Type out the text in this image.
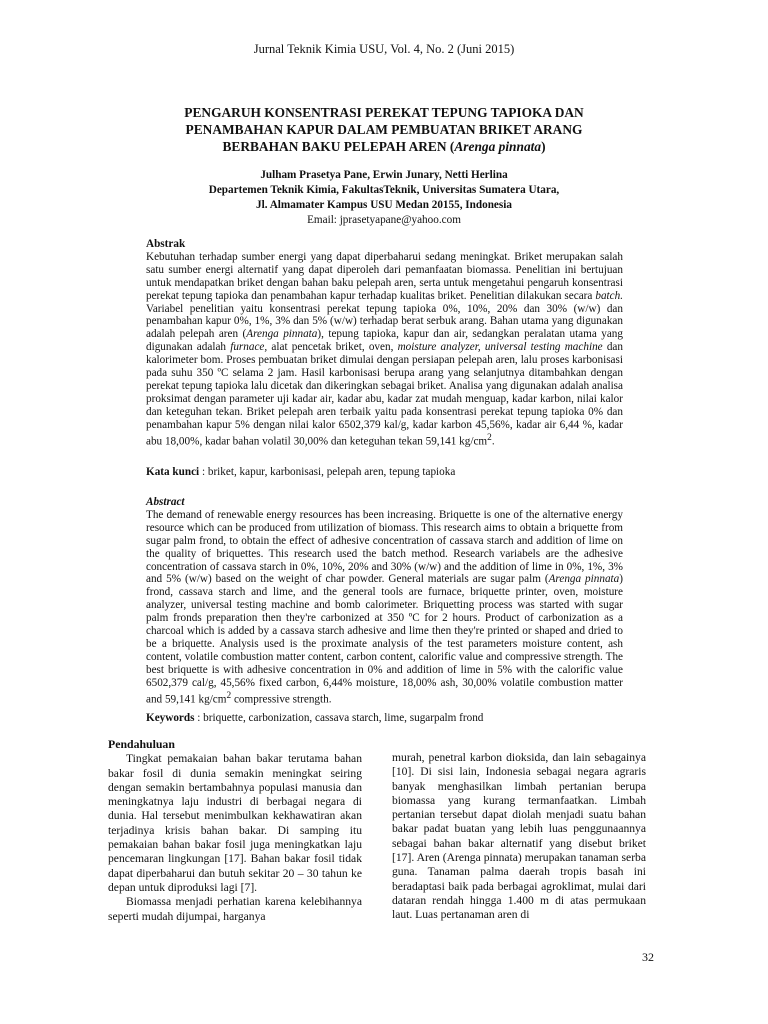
Jurnal Teknik Kimia USU, Vol. 4, No. 2 (Juni 2015)
PENGARUH KONSENTRASI PEREKAT TEPUNG TAPIOKA DAN
PENAMBAHAN KAPUR DALAM PEMBUATAN BRIKET ARANG
BERBAHAN BAKU PELEPAH AREN (Arenga pinnata)
Julham Prasetya Pane, Erwin Junary, Netti Herlina
Departemen Teknik Kimia, FakultasTeknik, Universitas Sumatera Utara,
Jl. Almamater Kampus USU Medan 20155, Indonesia
Email: jprasetyapane@yahoo.com
Abstrak
Kebutuhan terhadap sumber energi yang dapat diperbaharui sedang meningkat. Briket merupakan salah satu sumber energi alternatif yang dapat diperoleh dari pemanfaatan biomassa. Penelitian ini bertujuan untuk mendapatkan briket dengan bahan baku pelepah aren, serta untuk mengetahui pengaruh konsentrasi perekat tepung tapioka dan penambahan kapur terhadap kualitas briket. Penelitian dilakukan secara batch. Variabel penelitian yaitu konsentrasi perekat tepung tapioka 0%, 10%, 20% dan 30% (w/w) dan penambahan kapur 0%, 1%, 3% dan 5% (w/w) terhadap berat serbuk arang. Bahan utama yang digunakan adalah pelepah aren (Arenga pinnata), tepung tapioka, kapur dan air, sedangkan peralatan utama yang digunakan adalah furnace, alat pencetak briket, oven, moisture analyzer, universal testing machine dan kalorimeter bom. Proses pembuatan briket dimulai dengan persiapan pelepah aren, lalu proses karbonisasi pada suhu 350 ºC selama 2 jam. Hasil karbonisasi berupa arang yang selanjutnya ditambahkan dengan perekat tepung tapioka lalu dicetak dan dikeringkan sebagai briket. Analisa yang digunakan adalah analisa proksimat dengan parameter uji kadar air, kadar abu, kadar zat mudah menguap, kadar karbon, nilai kalor dan keteguhan tekan. Briket pelepah aren terbaik yaitu pada konsentrasi perekat tepung tapioka 0% dan penambahan kapur 5% dengan nilai kalor 6502,379 kal/g, kadar karbon 45,56%, kadar air 6,44 %, kadar abu 18,00%, kadar bahan volatil 30,00% dan keteguhan tekan 59,141 $kg/cm^2$.
Kata kunci : briket, kapur, karbonisasi, pelepah aren, tepung tapioka
Abstract
The demand of renewable energy resources has been increasing. Briquette is one of the alternative energy resource which can be produced from utilization of biomass. This research aims to obtain a briquette from sugar palm frond, to obtain the effect of adhesive concentration of cassava starch and addition of lime on the quality of briquettes. This research used the batch method. Research variabels are the adhesive concentration of cassava starch in 0%, 10%, 20% and 30% (w/w) and the addition of lime in 0%, 1%, 3% and 5% (w/w) based on the weight of char powder. General materials are sugar palm (Arenga pinnata) frond, cassava starch and lime, and the general tools are furnace, briquette printer, oven, moisture analyzer, universal testing machine and bomb calorimeter. Briquetting process was started with sugar palm fronds preparation then they're carbonized at 350 ºC for 2 hours. Product of carbonization as a charcoal which is added by a cassava starch adhesive and lime then they're printed or shaped and dried to be a briquette. Analysis used is the proximate analysis of the test parameters moisture content, ash content, volatile combustion matter content, carbon content, calorific value and compressive strength. The best briquette is with adhesive concentration in 0% and addition of lime in 5% with the calorific value 6502,379 cal/g, 45,56% fixed carbon, 6,44% moisture, 18,00% ash, 30,00% volatile combustion matter and 59,141 $kg/cm^2$ compressive strength.
Keywords : briquette, carbonization, cassava starch, lime, sugarpalm frond
Pendahuluan

Tingkat pemakaian bahan bakar terutama bahan bakar fosil di dunia semakin meningkat seiring dengan semakin bertambahnya populasi manusia dan meningkatnya laju industri di berbagai negara di dunia. Hal tersebut menimbulkan kekhawatiran akan terjadinya krisis bahan bakar. Di samping itu pemakaian bahan bakar fosil juga meningkatkan laju pencemaran lingkungan [17]. Bahan bakar fosil tidak dapat diperbaharui dan butuh sekitar 20 – 30 tahun ke depan untuk diproduksi lagi [7].

Biomassa menjadi perhatian karena kelebihannya seperti mudah dijumpai, harganya

murah, penetral karbon dioksida, dan lain sebagainya [10]. Di sisi lain, Indonesia sebagai negara agraris banyak menghasilkan limbah pertanian berupa biomassa yang kurang termanfaatkan. Limbah pertanian tersebut dapat diolah menjadi suatu bahan bakar padat buatan yang lebih luas penggunaannya sebagai bahan bakar alternatif yang disebut briket [17]. Aren (Arenga pinnata) merupakan tanaman serba guna. Tanaman palma daerah tropis basah ini beradaptasi baik pada berbagai agroklimat, mulai dari dataran rendah hingga 1.400 m di atas permukaan laut. Luas pertanaman aren di

32
